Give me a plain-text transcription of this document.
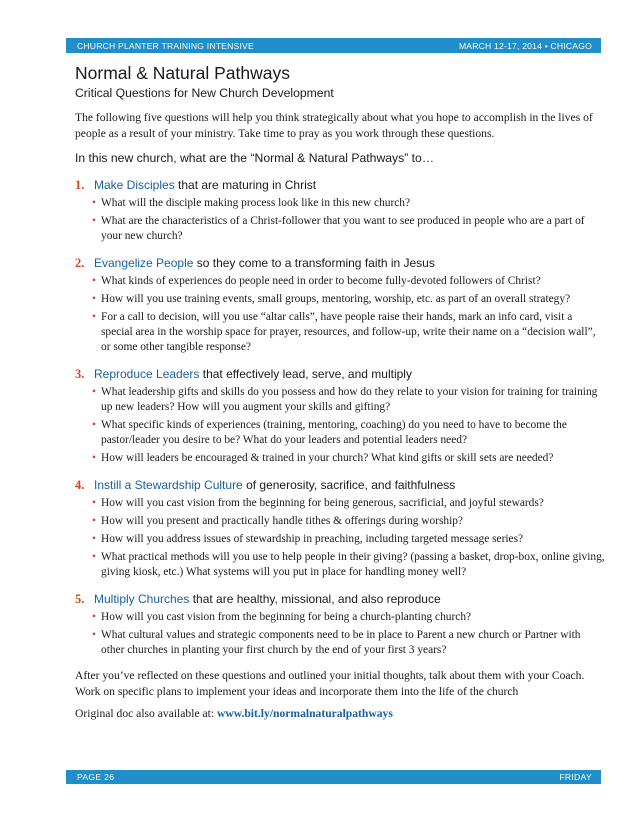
CHURCH PLANTER TRAINING INTENSIVE	MARCH 12-17, 2014 • CHICAGO
Normal & Natural Pathways
Critical Questions for New Church Development
The following five questions will help you think strategically about what you hope to accomplish in the lives of people as a result of your ministry. Take time to pray as you work through these questions.
In this new church, what are the “Normal & Natural Pathways” to…
1. Make Disciples that are maturing in Christ
• What will the disciple making process look like in this new church?
• What are the characteristics of a Christ-follower that you want to see produced in people who are a part of your new church?
2. Evangelize People so they come to a transforming faith in Jesus
• What kinds of experiences do people need in order to become fully-devoted followers of Christ?
• How will you use training events, small groups, mentoring, worship, etc. as part of an overall strategy?
• For a call to decision, will you use “altar calls”, have people raise their hands, mark an info card, visit a special area in the worship space for prayer, resources, and follow-up, write their name on a “decision wall”, or some other tangible response?
3. Reproduce Leaders that effectively lead, serve, and multiply
• What leadership gifts and skills do you possess and how do they relate to your vision for training for training up new leaders? How will you augment your skills and gifting?
• What specific kinds of experiences (training, mentoring, coaching) do you need to have to become the pastor/leader you desire to be? What do your leaders and potential leaders need?
• How will leaders be encouraged & trained in your church? What kind gifts or skill sets are needed?
4. Instill a Stewardship Culture of generosity, sacrifice, and faithfulness
• How will you cast vision from the beginning for being generous, sacrificial, and joyful stewards?
• How will you present and practically handle tithes & offerings during worship?
• How will you address issues of stewardship in preaching, including targeted message series?
• What practical methods will you use to help people in their giving? (passing a basket, drop-box, online giving, giving kiosk, etc.) What systems will you put in place for handling money well?
5. Multiply Churches that are healthy, missional, and also reproduce
• How will you cast vision from the beginning for being a church-planting church?
• What cultural values and strategic components need to be in place to Parent a new church or Partner with other churches in planting your first church by the end of your first 3 years?
After you’ve reflected on these questions and outlined your initial thoughts, talk about them with your Coach. Work on specific plans to implement your ideas and incorporate them into the life of the church
Original doc also available at: www.bit.ly/normalnaturalpathways
PAGE 26	FRIDAY
